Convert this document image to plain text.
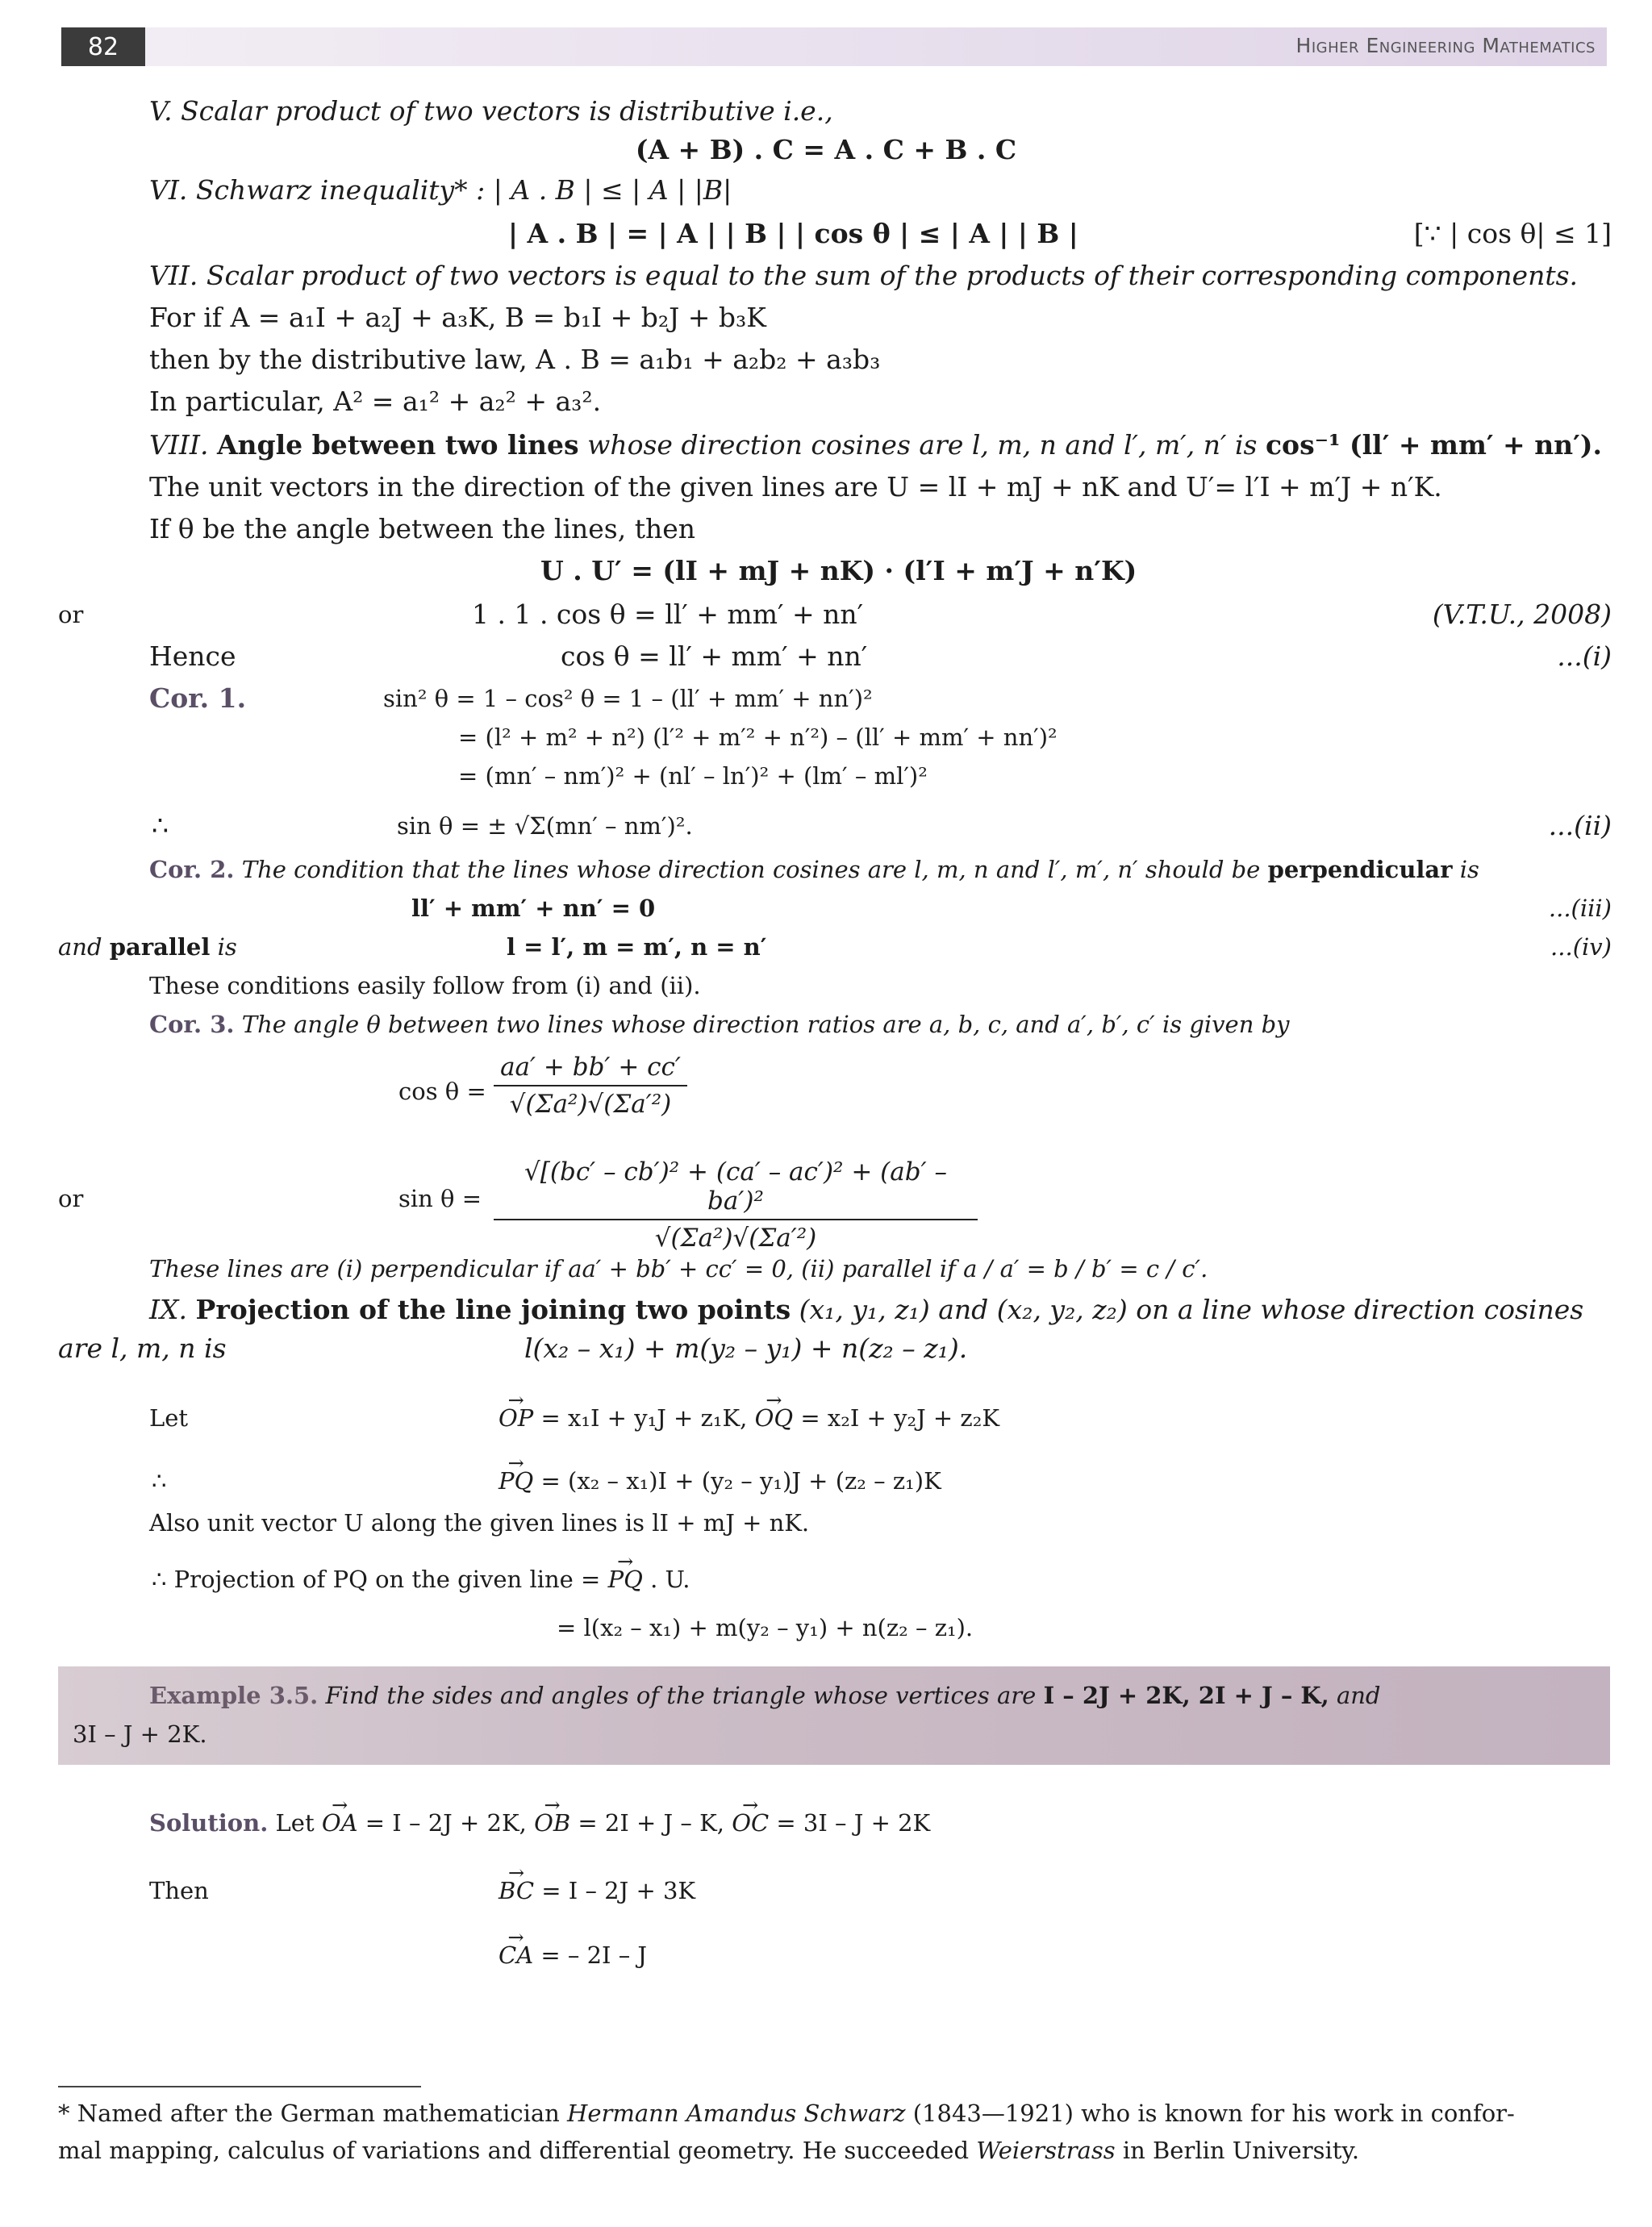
82	Higher Engineering Mathematics
V. Scalar product of two vectors is distributive i.e.,
(A + B) . C = A . C + B . C
VI. Schwarz inequality* : | A . B | ≤ | A | |B|
| A . B | = | A | | B | | cos θ | ≤ | A | | B |	[∵ | cos θ| ≤ 1]
VII. Scalar product of two vectors is equal to the sum of the products of their corresponding components.
For if A = a₁I + a₂J + a₃K, B = b₁I + b₂J + b₃K
then by the distributive law, A . B = a₁b₁ + a₂b₂ + a₃b₃
In particular, A² = a₁² + a₂² + a₃².
VIII. Angle between two lines whose direction cosines are l, m, n and l′, m′, n′ is cos⁻¹ (ll′ + mm′ + nn′).
The unit vectors in the direction of the given lines are U = lI + mJ + nK and U′= l′I + m′J + n′K.
If θ be the angle between the lines, then
U . U′ = (lI + mJ + nK) · (l′I + m′J + n′K)
or	1 . 1 . cos θ = ll′ + mm′ + nn′	(V.T.U., 2008)
Hence	cos θ = ll′ + mm′ + nn′	...(i)
Cor. 1.	sin² θ = 1 – cos² θ = 1 – (ll′ + mm′ + nn′)²
= (l² + m² + n²) (l′² + m′² + n′²) – (ll′ + mm′ + nn′)²
= (mn′ – nm′)² + (nl′ – ln′)² + (lm′ – ml′)²
∴	sin θ = ± √Σ(mn′ – nm′)².	...(ii)
Cor. 2. The condition that the lines whose direction cosines are l, m, n and l′, m′, n′ should be perpendicular is
ll′ + mm′ + nn′ = 0	...(iii)
and parallel is	l = l′, m = m′, n = n′	...(iv)
These conditions easily follow from (i) and (ii).
Cor. 3. The angle θ between two lines whose direction ratios are a, b, c, and a′, b′, c′ is given by
cos θ =
aa′ + bb′ + cc′
√(Σa²)√(Σa′²)
or	sin θ =
√[(bc′ – cb′)² + (ca′ – ac′)² + (ab′ – ba′)²
√(Σa²)√(Σa′²)
These lines are (i) perpendicular if aa′ + bb′ + cc′ = 0, (ii) parallel if a / a′ = b / b′ = c / c′.
IX. Projection of the line joining two points (x₁, y₁, z₁) and (x₂, y₂, z₂) on a line whose direction cosines
are l, m, n is	l(x₂ – x₁) + m(y₂ – y₁) + n(z₂ – z₁).
Let	→ OP = x₁I + y₁J + z₁K, → OQ = x₂I + y₂J + z₂K
∴	→ PQ = (x₂ – x₁)I + (y₂ – y₁)J + (z₂ – z₁)K
Also unit vector U along the given lines is lI + mJ + nK.
∴ Projection of PQ on the given line = → PQ . U.
= l(x₂ – x₁) + m(y₂ – y₁) + n(z₂ – z₁).
Example 3.5. Find the sides and angles of the triangle whose vertices are I – 2J + 2K, 2I + J – K, and
3I – J + 2K.
Solution. Let → OA = I – 2J + 2K, → OB = 2I + J – K, → OC = 3I – J + 2K
Then	→ BC = I – 2J + 3K
→ CA = – 2I – J
* Named after the German mathematician Hermann Amandus Schwarz (1843—1921) who is known for his work in confor-
mal mapping, calculus of variations and differential geometry. He succeeded Weierstrass in Berlin University.
